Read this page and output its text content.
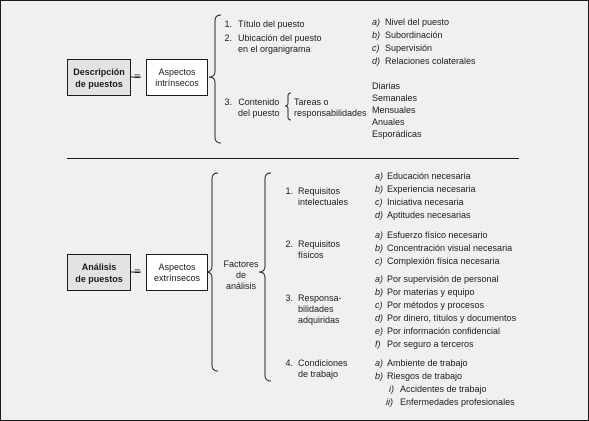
Descripción
de puestos
=	Aspectos
intrínsecos
1. Título del puesto
2. Ubicación del puesto
en el organigrama
3. Contenido
del puesto
Tareas o
responsabilidades
a) Nivel del puesto
b) Subordinación
c) Supervisión
d) Relaciones colaterales
Diarias
Semanales
Mensuales
Anuales
Esporádicas
Análisis
de puestos
=	Aspectos
extrínsecos
Factores
de
análisis
1. Requisitos
intelectuales
a) Educación necesaria
b) Experiencia necesaria
c) Iniciativa necesaria
d) Aptitudes necesarias
2. Requisitos
físicos
a) Esfuerzo físico necesario
b) Concentración visual necesaria
c) Complexión física necesaria
3. Responsa-
bilidades
adquiridas
a) Por supervisión de personal
b) Por materias y equipo
c) Por métodos y procesos
d) Por dinero, títulos y documentos
e) Por información confidencial
f) Por seguro a terceros
4. Condiciones
de trabajo
a) Ambiente de trabajo
b) Riesgos de trabajo
i) Accidentes de trabajo
ii) Enfermedades profesionales
